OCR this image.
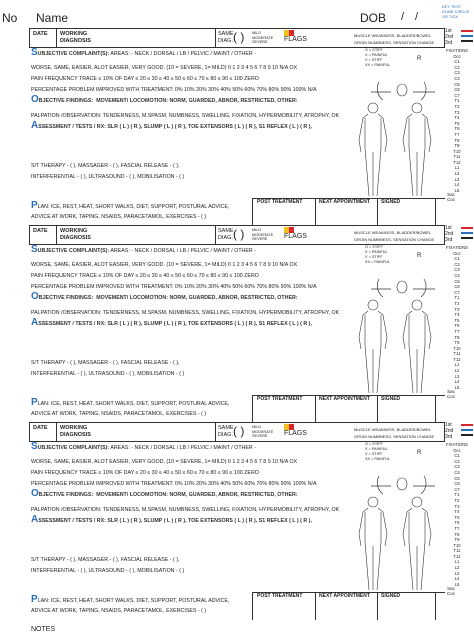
No Name	DOB / /
KEY TEST DONE CIRCLE OR TICK
DATE WORKING DIAGNOSIS
SAME DIAG. ( ) MILD MODERATE SEVERE	FLAGS
MUSCLE WEAKNESS, BLADDER/BOWEL
GROIN NUMBNESS, SENSATION CHANGE
1st
2nd
3rd
SUBJECTIVE COMPLAINT(S): AREAS: - NECK / DORSAL / LB / PELVIC / MAINT / OTHER -
WORSE, SAME, EASIER, ALOT EASIER, VERY GOOD. (10 = SEVERE, 1= MILD) 0 1 2 3 4 5 6 7 8 9 10 N/A OX
PAIN FREQUENCY TRACE ≤ 10% OF DAY ≤ 20 ≤ 30 ≤ 40 ≤ 50 ≤ 60 ≤ 70 ≤ 80 ≤ 90 ≤ 100 ZERO
PERCENTAGE PROBLEM IMPROVED WITH TREATMENT: 0% 10% 20% 30% 40% 50% 60% 70% 80% 90% 100% N/A
OBJECTIVE FINDINGS: MOVEMENT/ LOCOMOTION: NORM, GUARDED, ABNOR, RESTRICTED, OTHER:
PALPATION /OBSERVATION: TENDERNESS, M.SPASM, NUMBNESS, SWELLING, FIXATION, HYPERMOBILITY, ATROPHY, OK
ASSESSMENT / TESTS / RX: SLR ( L ) ( R ), SLUMP ( L ) ( R ), TOE EXTENSORS ( L ) ( R ), S1 REFLEX ( L ) ( R ),
S/T THERAPY - ( ), MASSAGER - ( ), FASCIAL RELEASE - ( ),
INTERFERENTIAL - ( ), ULTRASOUND - ( ), MOBILISATION - ( )
PLAN: ICE, REST, HEAT, SHORT WALKS, DIET, SUPPORT, POSTURAL ADVICE,
ADVICE AT WORK, TAPING, NSAIDS, PARACETAMOL, EXERCISES - ( )
O = STIFF
X = PAINFUL
V = STIFF
XX = PAINFUL
R
FIXATIONS
Occ
C1
C2
C3
C4
C5
C6
C7
T1
T2
T3
T4
T5
T6
T7
T8
T9
T10
T11
T12
L1
L2
L3
L4
L5
POST TREATMENT	NEXT APPOINTMENT SIGNED
Sac
Coc
DATE WORKING DIAGNOSIS
SAME DIAG. ( ) MILD MODERATE SEVERE	FLAGS
MUSCLE WEAKNESS, BLADDER/BOWEL
GROIN NUMBNESS, SENSATION CHANGE
1st
2nd
3rd
SUBJECTIVE COMPLAINT(S): AREAS: - NECK / DORSAL / LB / PELVIC / MAINT / OTHER -
WORSE, SAME, EASIER, ALOT EASIER, VERY GOOD. (10 = SEVERE, 1= MILD) 0 1 2 3 4 5 6 7 8 9 10 N/A OX
PAIN FREQUENCY TRACE ≤ 10% OF DAY ≤ 20 ≤ 30 ≤ 40 ≤ 50 ≤ 60 ≤ 70 ≤ 80 ≤ 90 ≤ 100 ZERO
PERCENTAGE PROBLEM IMPROVED WITH TREATMENT: 0% 10% 20% 30% 40% 50% 60% 70% 80% 90% 100% N/A
OBJECTIVE FINDINGS: MOVEMENT/ LOCOMOTION: NORM, GUARDED, ABNOR, RESTRICTED, OTHER:
PALPATION /OBSERVATION: TENDERNESS, M.SPASM, NUMBNESS, SWELLING, FIXATION, HYPERMOBILITY, ATROPHY, OK
ASSESSMENT / TESTS / RX: SLR ( L ) ( R ), SLUMP ( L ) ( R ), TOE EXTENSORS ( L ) ( R ), S1 REFLEX ( L ) ( R ),
S/T THERAPY - ( ), MASSAGER - ( ), FASCIAL RELEASE - ( ),
INTERFERENTIAL - ( ), ULTRASOUND - ( ), MOBILISATION - ( )
PLAN: ICE, REST, HEAT, SHORT WALKS, DIET, SUPPORT, POSTURAL ADVICE,
ADVICE AT WORK, TAPING, NSAIDS, PARACETAMOL, EXERCISES - ( )
O = STIFF
X = PAINFUL
V = STIFF
XX = PAINFUL
R
FIXATIONS
Occ
C1
C2
C3
C4
C5
C6
C7
T1
T2
T3
T4
T5
T6
T7
T8
T9
T10
T11
T12
L1
L2
L3
L4
L5
POST TREATMENT	NEXT APPOINTMENT SIGNED
Sac
Coc
DATE WORKING DIAGNOSIS
SAME DIAG. ( ) MILD MODERATE SEVERE	FLAGS
MUSCLE WEAKNESS, BLADDER/BOWEL
GROIN NUMBNESS, SENSATION CHANGE
1st
2nd
3rd
SUBJECTIVE COMPLAINT(S): AREAS: - NECK / DORSAL / LB / PELVIC / MAINT / OTHER -
WORSE, SAME, EASIER, ALOT EASIER, VERY GOOD. (10 = SEVERE, 1= MILD) 0 1 2 3 4 5 6 7 8 9 10 N/A OX
PAIN FREQUENCY TRACE ≤ 10% OF DAY ≤ 20 ≤ 30 ≤ 40 ≤ 50 ≤ 60 ≤ 70 ≤ 80 ≤ 90 ≤ 100 ZERO
PERCENTAGE PROBLEM IMPROVED WITH TREATMENT: 0% 10% 20% 30% 40% 50% 60% 70% 80% 90% 100% N/A
OBJECTIVE FINDINGS: MOVEMENT/ LOCOMOTION: NORM, GUARDED, ABNOR, RESTRICTED, OTHER:
PALPATION /OBSERVATION: TENDERNESS, M.SPASM, NUMBNESS, SWELLING, FIXATION, HYPERMOBILITY, ATROPHY, OK
ASSESSMENT / TESTS / RX: SLR ( L ) ( R ), SLUMP ( L ) ( R ), TOE EXTENSORS ( L ) ( R ), S1 REFLEX ( L ) ( R ),
S/T THERAPY - ( ), MASSAGER - ( ), FASCIAL RELEASE - ( ),
INTERFERENTIAL - ( ), ULTRASOUND - ( ), MOBILISATION - ( )
PLAN: ICE, REST, HEAT, SHORT WALKS, DIET, SUPPORT, POSTURAL ADVICE,
ADVICE AT WORK, TAPING, NSAIDS, PARACETAMOL, EXERCISES - ( )
O = STIFF
X = PAINFUL
V = STIFF
XX = PAINFUL
R
FIXATIONS
Occ
C1
C2
C3
C4
C5
C6
C7
T1
T2
T3
T4
T5
T6
T7
T8
T9
T10
T11
T12
L1
L2
L3
L4
L5
POST TREATMENT	NEXT APPOINTMENT SIGNED
Sac
Coc
NOTES
